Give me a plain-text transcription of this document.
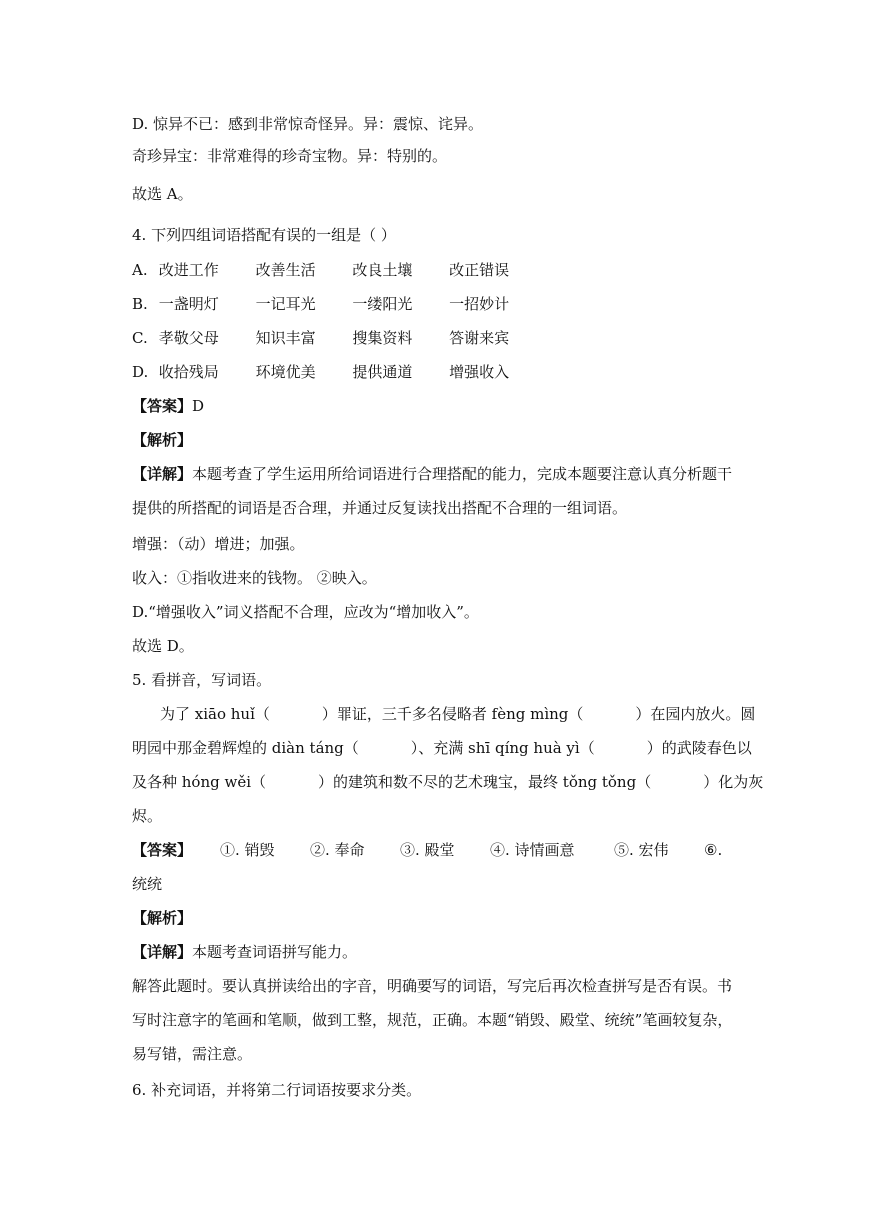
D. 惊异不已：感到非常惊奇怪异。异：震惊、诧异。
奇珍异宝：非常难得的珍奇宝物。异：特别的。
故选 A。
4. 下列四组词语搭配有误的一组是（ ）
A. 改进工作 改善生活 改良土壤 改正错误
B. 一盏明灯 一记耳光 一缕阳光 一招妙计
C. 孝敬父母 知识丰富 搜集资料 答谢来宾
D. 收拾残局 环境优美 提供通道 增强收入
【答案】D
【解析】
【详解】本题考查了学生运用所给词语进行合理搭配的能力，完成本题要注意认真分析题干
提供的所搭配的词语是否合理，并通过反复读找出搭配不合理的一组词语。
增强：（动）增进；加强。
收入：①指收进来的钱物。 ②映入。
D.“增强收入”词义搭配不合理，应改为“增加收入”。
故选 D。
5. 看拼音，写词语。
为了 xiāo huǐ（	）罪证，三千多名侵略者 fèng mìng（	）在园内放火。圆
明园中那金碧辉煌的 diàn táng（	）、充满 shī qíng huà yì（	）的武陵春色以
及各种 hóng wěi（	）的建筑和数不尽的艺术瑰宝，最终 tǒng tǒng（	）化为灰
烬。
【答案】 ①. 销毁 ②. 奉命 ③. 殿堂 ④. 诗情画意	⑤. 宏伟 ⑥.
统统
【解析】
【详解】本题考查词语拼写能力。
解答此题时。要认真拼读给出的字音，明确要写的词语，写完后再次检查拼写是否有误。书
写时注意字的笔画和笔顺，做到工整，规范，正确。本题“销毁、殿堂、统统”笔画较复杂，
易写错，需注意。
6. 补充词语，并将第二行词语按要求分类。
